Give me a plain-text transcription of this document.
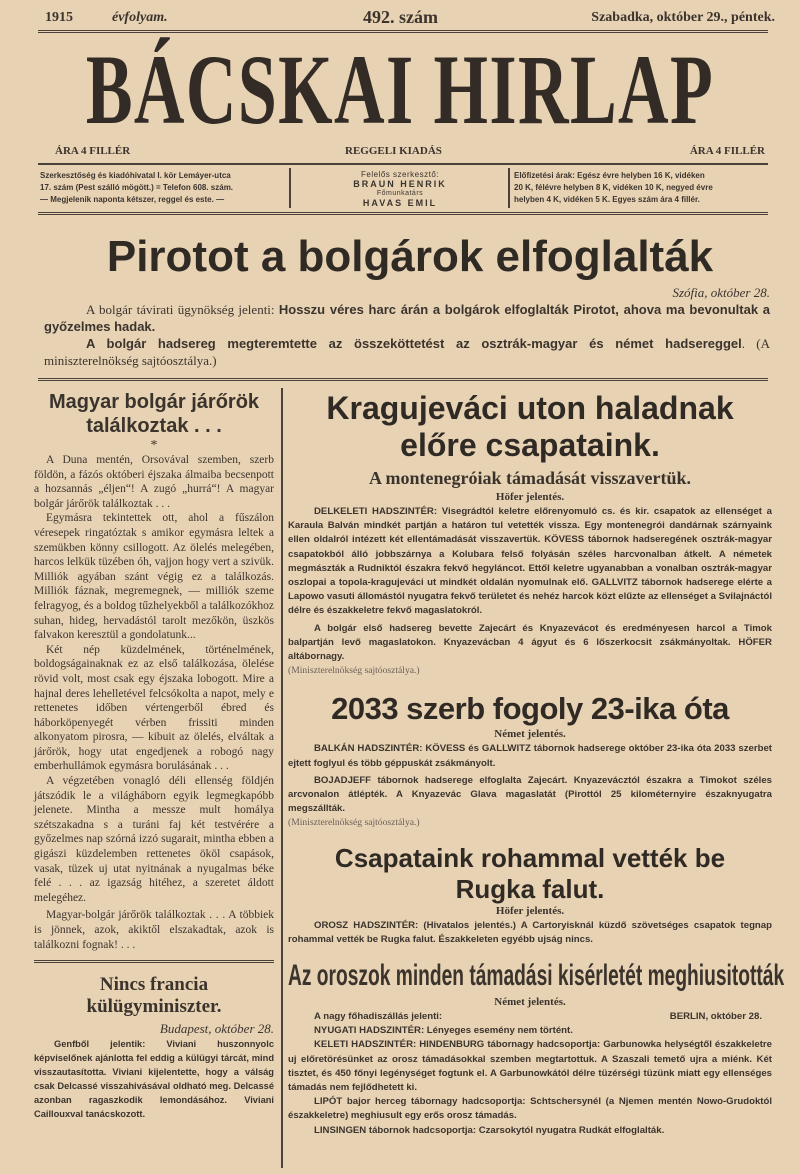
1915	évfolyam.	492. szám	Szabadka, október 29., péntek.
BÁCSKAI HIRLAP
ÁRA 4 FILLÉR	REGGELI KIADÁS	ÁRA 4 FILLÉR
Szerkesztőség és kiadóhivatal I. kör Lemáyer-utca
17. szám (Pest szálló mögött.) = Telefon 608. szám.
— Megjelenik naponta kétszer, reggel és este. —
Felelős szerkesztő:
BRAUN HENRIK
Főmunkatárs
HAVAS EMIL
Előfizetési árak: Egész évre helyben 16 K, vidéken
20 K, félévre helyben 8 K, vidéken 10 K, negyed évre
helyben 4 K, vidéken 5 K. Egyes szám ára 4 fillér.
Pirotot a bolgárok elfoglalták
Szófia, október 28.
A bolgár távirati ügynökség jelenti: Hosszu véres harc árán a bolgárok elfoglalták Pirotot, ahova ma bevonultak a győzelmes hadak.
A bolgár hadsereg megteremtette az összeköttetést az osztrák-magyar és német hadsereggel. (A miniszterelnökség sajtóosztálya.)
Magyar bolgár járőrök találkoztak . . .
*

A Duna mentén, Orsovával szemben, szerb földön, a fázós októberi éjszaka álmaiba becsenpott a hozsannás „éljen“! A zugó „hurrá“! A magyar bolgár járőrök találkoztak . . .

Egymásra tekintettek ott, ahol a fűszálon véresepek ringatóztak s amikor egymásra leltek a szemükben könny csillogott. Az ölelés melegében, harcos lelkük tüzében óh, vajjon hogy vert a szivük. Milliók agyában szánt végig ez a találkozás. Milliók fáznak, megremegnek, — milliók szeme felragyog, és a boldog tűzhelyekből a találkozókhoz suhan, hideg, hervadástól tarolt mezőkön, üszkös falvakon keresztül a gondolatunk...

Két nép küzdelmének, történelmének, boldogságainaknak ez az első találkozása, ölelése rövid volt, most csak egy éjszaka lobogott. Mire a hajnal deres lehelletével felcsókolta a napot, mely e rettenetes időben vértengerből ébred és háborköpenyegét vérben frissiti minden alkonyatom pirosra, — kibuit az ölelés, elváltak a járőrök, hogy utat engedjenek a robogó nagy emberhullámok egymásra borulásának . . .

A végzetében vonagló déli ellenség földjén játszódik le a világháborn egyik legmegkapóbb jelenete. Mintha a messze mult homálya szétszakadna s a turáni faj két testvérére a győzelmes nap szórná izzó sugarait, mintha ebben a gigászi küzdelemben rettenetes ököl csapások, vasak, tüzek uj utat nyitnának a nyugalmas béke felé . . . az igazság hitéhez, a szeretet áldott melegéhez.

Magyar-bolgár járőrök találkoztak . . . A többiek is jönnek, azok, akiktől elszakadtak, azok is találkozni fognak! . . .

Nincs francia külügyminiszter.
Budapest, október 28.
Genfből jelentik: Viviani huszonnyolc képviselőnek ajánlotta fel eddig a külügyi tárcát, mind visszautasította. Viviani kijelentette, hogy a válság csak Delcassé visszahivásával oldható meg. Delcassé azonban ragaszkodik lemondásához. Viviani Caillouxval tanácskozott.
Kragujeváci uton haladnak
előre csapataink.
A montenegróiak támadását visszavertük.
Höfer jelentés.

DELKELETI HADSZINTÉR: Visegrádtól keletre előrenyomuló cs. és kir. csapatok az ellenséget a Karaula Balván mindkét partján a határon tul vetették vissza. Egy montenegrói dandárnak szárnyaink ellen oldalról intézett két ellentámadását visszavertük. KÖVESS tábornok hadseregének osztrák-magyar csapatokból álló jobbszárnya a Kolubara felső folyásán széles harcvonalban átkelt. A németek megmászták a Rudniktól északra fekvő hegyláncot. Ettől keletre ugyanabban a vonalban osztrák-magyar oszlopai a topola-kragujeváci ut mindkét oldalán nyomulnak elő. GALLVITZ tábornok hadserege elérte a Lapowo vasuti állomástól nyugatra fekvő területet és nehéz harcok közt elűzte az ellenséget a Svilajnáctól délre és északkeletre fekvő magaslatokról.

A bolgár első hadsereg bevette Zajecárt és Knyazevácot és eredményesen harcol a Timok balpartján levő magaslatokon. Knyazevácban 4 ágyut és 6 lőszerkocsit zsákmányoltak. HÖFER altábornagy.

(Miniszterelnökség sajtóosztálya.)
2033 szerb fogoly 23-ika óta
Német jelentés.

BALKÁN HADSZINTÉR: KÖVESS és GALLWITZ tábornok hadserege október 23-ika óta 2033 szerbet ejtett foglyul és több géppuskát zsákmányolt.

BOJADJEFF tábornok hadserege elfoglalta Zajecárt. Knyazevácztól északra a Timokot széles arcvonalon átlépték. A Knyazevác Glava magaslatát (Pirottól 25 kilométernyire északnyugatra megszállták.

(Miniszterelnökség sajtóosztálya.)
Csapataink rohammal vették be
Rugka falut.
Höfer jelentés.
OROSZ HADSZINTÉR: (Hivatalos jelentés.) A Cartoryisknál küzdő szövetséges csapatok tegnap rohammal vették be Rugka falut. Északkeleten egyébb ujság nincs.
Az oroszok minden támadási kisérletét meghiusitották
Német jelentés.
A nagy főhadiszállás jelenti:	BERLIN, október 28.

NYUGATI HADSZINTÉR: Lényeges esemény nem történt.

KELETI HADSZINTÉR: HINDENBURG tábornagy hadcsoportja: Garbunowka helységtől északkeletre uj előretörésünket az orosz támadásokkal szemben megtartottuk. A Szaszali temető ujra a miénk. Két tisztet, és 450 főnyi legénységet fogtunk el. A Garbunowkától délre tüzérségi tüzünk miatt egy ellenséges támadás nem fejlődhetett ki.

LIPÓT bajor herceg tábornagy hadcsoportja: Schtschersynél (a Njemen mentén Nowo-Grudoktól északkeletre) meghiusult egy erős orosz támadás.

LINSINGEN tábornok hadcsoportja: Czarsokytól nyugatra Rudkát elfoglalták.
